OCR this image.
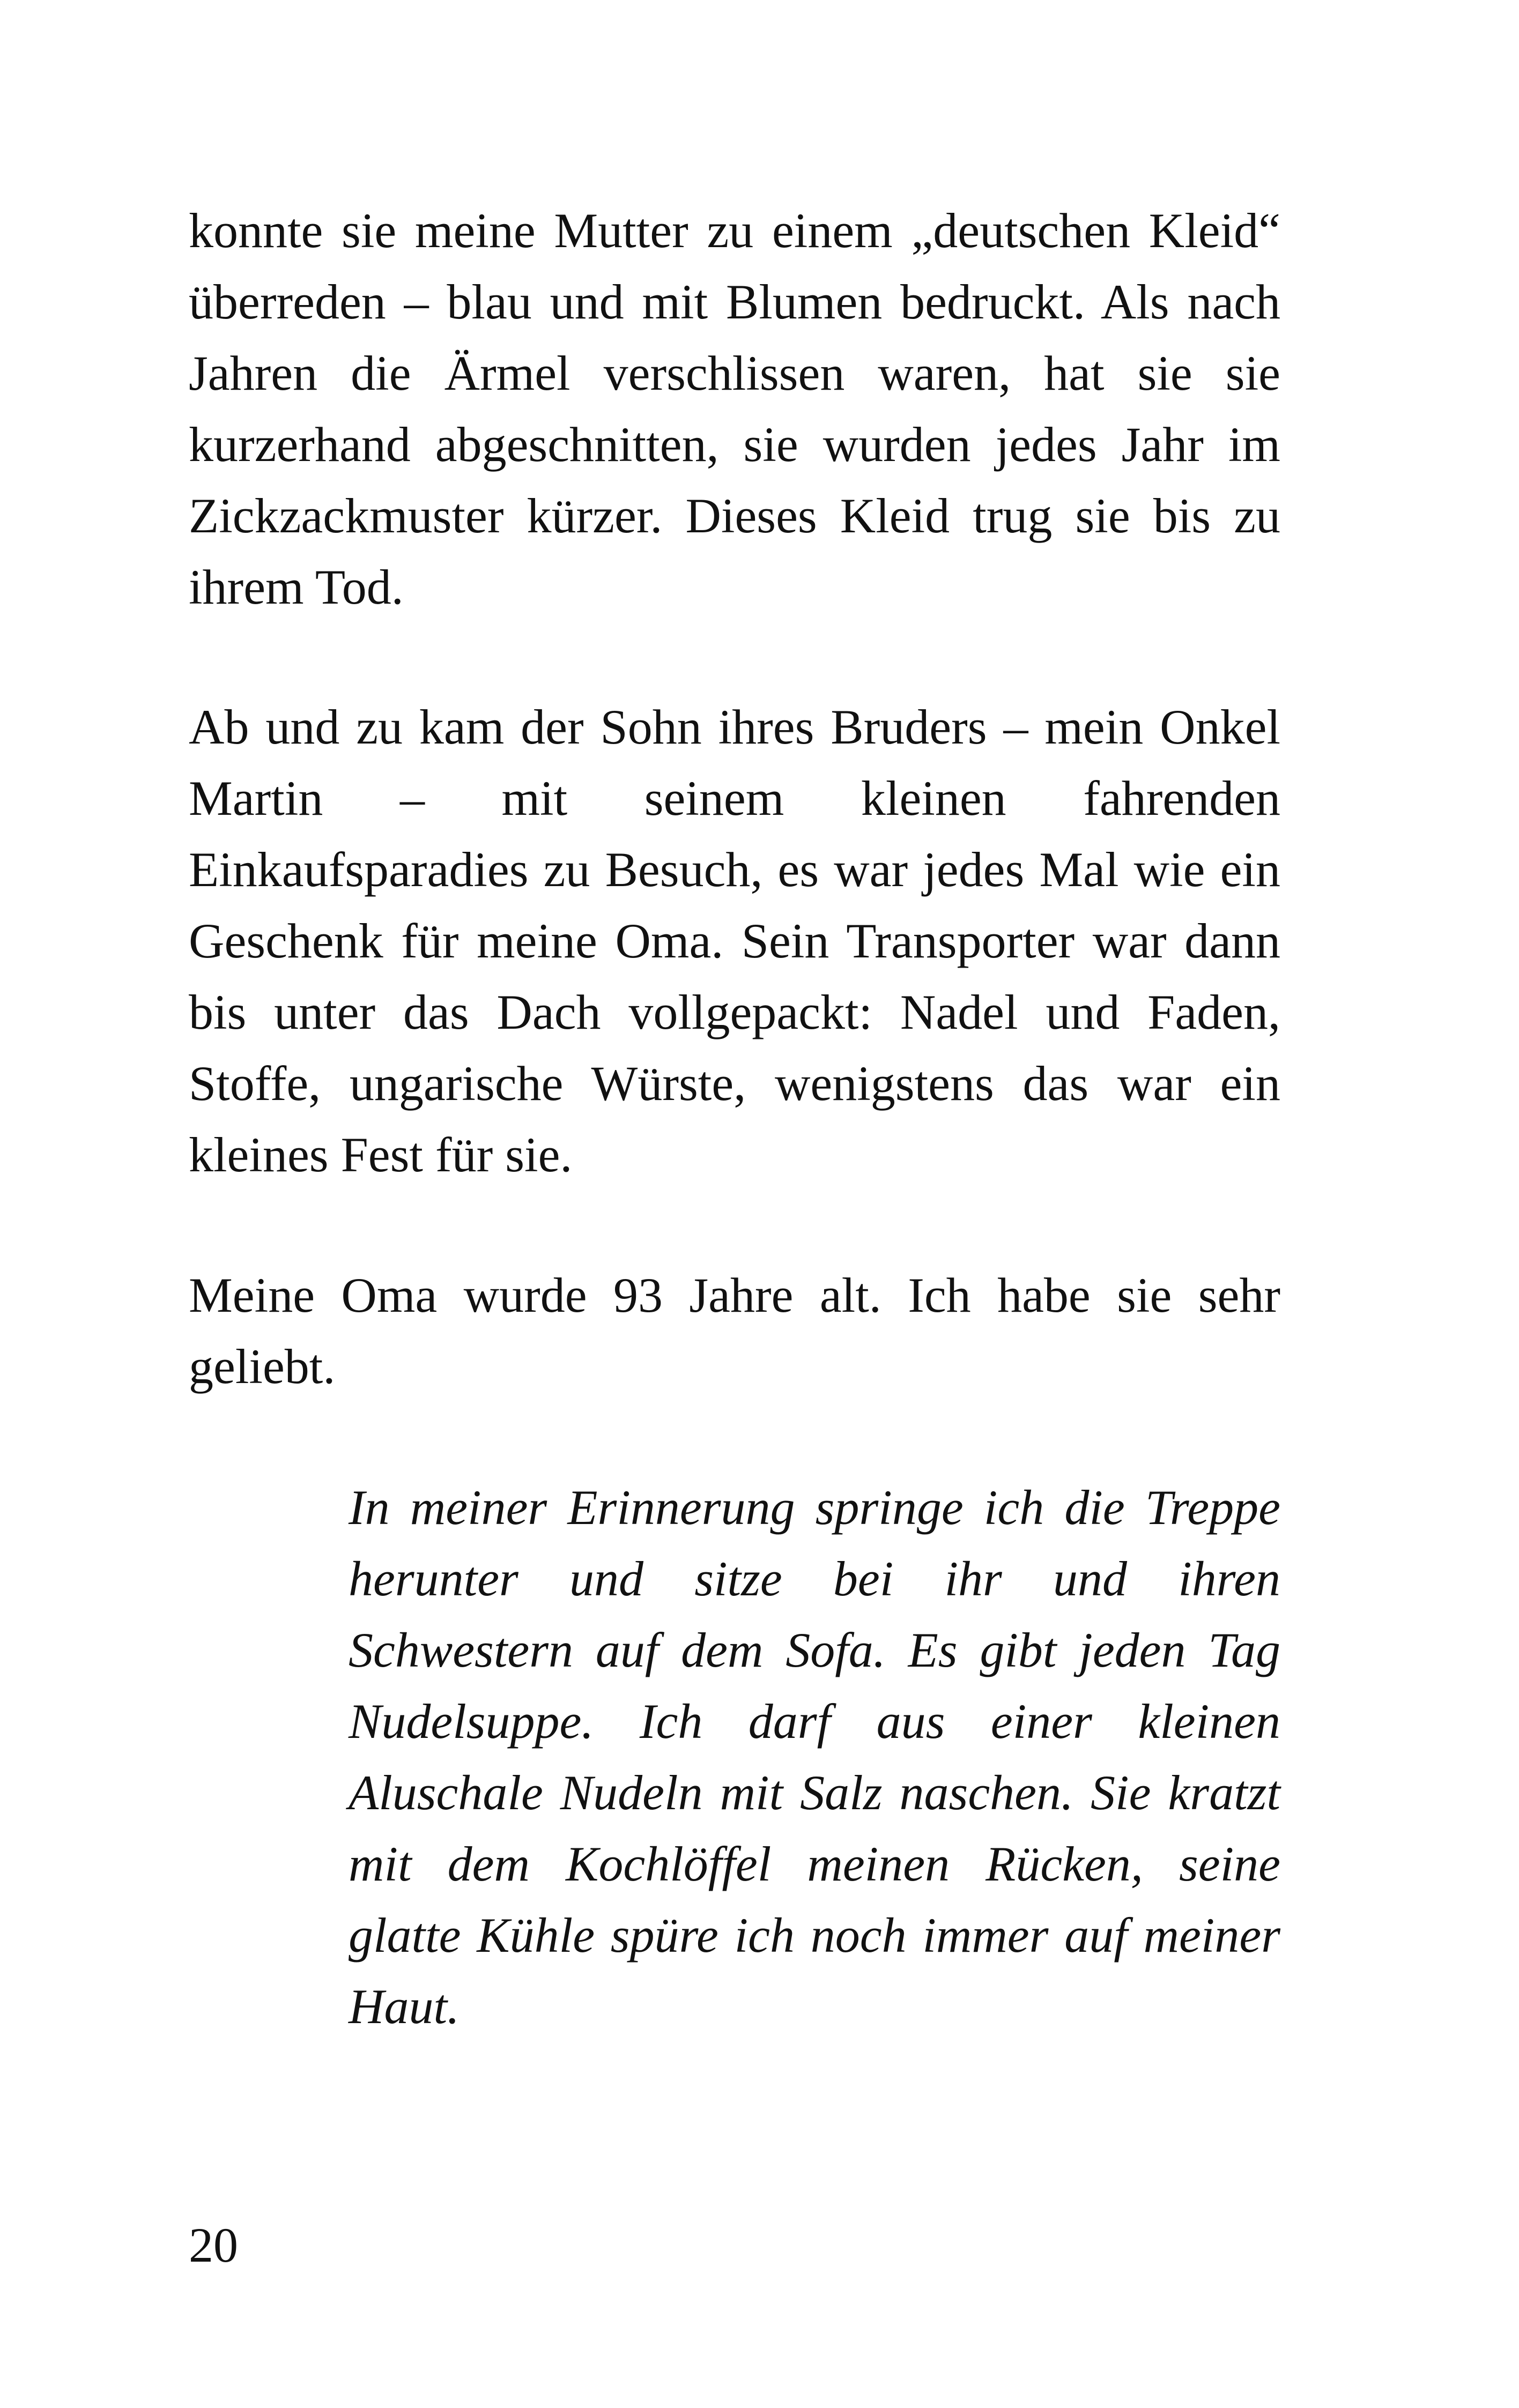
konnte sie meine Mutter zu einem „deutschen Kleid“ überreden – blau und mit Blumen bedruckt. Als nach Jahren die Ärmel verschlissen waren, hat sie sie kurzerhand abgeschnitten, sie wurden jedes Jahr im Zickzackmuster kürzer. Dieses Kleid trug sie bis zu ihrem Tod.

Ab und zu kam der Sohn ihres Bruders – mein Onkel Martin – mit seinem kleinen fahrenden Einkaufsparadies zu Besuch, es war jedes Mal wie ein Geschenk für meine Oma. Sein Transporter war dann bis unter das Dach vollgepackt: Nadel und Faden, Stoffe, ungarische Würste, wenigstens das war ein kleines Fest für sie.

Meine Oma wurde 93 Jahre alt. Ich habe sie sehr geliebt.

In meiner Erinnerung springe ich die Treppe herunter und sitze bei ihr und ihren Schwestern auf dem Sofa. Es gibt jeden Tag Nudelsuppe. Ich darf aus einer kleinen Aluschale Nudeln mit Salz naschen. Sie kratzt mit dem Kochlöffel meinen Rücken, seine glatte Kühle spüre ich noch immer auf meiner Haut.

20
